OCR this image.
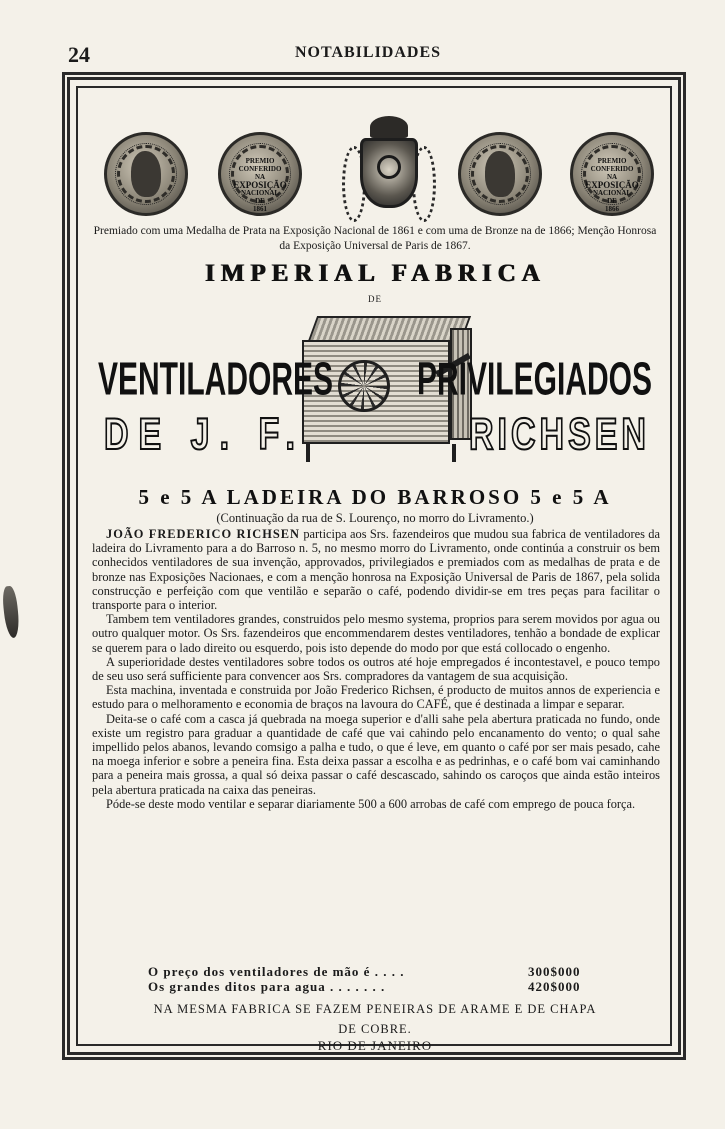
24	NOTABILIDADES
PREMIO
CONFERIDO
NA

EXPOSIÇÃO
NACIONAL
DE
1861
PREMIO
CONFERIDO
NA

EXPOSIÇÃO
NACIONAL
DE
1866
Premiado com uma Medalha de Prata na Exposição Nacional de 1861 e com uma de Bronze na de 1866; Menção Honrosa da Exposição Universal de Paris de 1867.
IMPERIAL FABRICA
DE
VENTILADORES	PRIVILEGIADOS
DE J. F.	RICHSEN
5 e 5 A LADEIRA DO BARROSO 5 e 5 A
(Continuação da rua de S. Lourenço, no morro do Livramento.)

JOÃO FREDERICO RICHSEN participa aos Srs. fazendeiros que mudou sua fabrica de ventiladores da ladeira do Livramento para a do Barroso n. 5, no mesmo morro do Livramento, onde continúa a construir os bem conhecidos ventiladores de sua invenção, approvados, privilegiados e premiados com as medalhas de prata e de bronze nas Exposições Nacionaes, e com a menção honrosa na Exposição Universal de Paris de 1867, pela solida construcção e perfeição com que ventilão e separão o café, podendo dividir-se em tres peças para facilitar o transporte para o interior.

Tambem tem ventiladores grandes, construidos pelo mesmo systema, proprios para serem movidos por agua ou outro qualquer motor. Os Srs. fazendeiros que encommendarem destes ventiladores, tenhão a bondade de explicar se querem para o lado direito ou esquerdo, pois isto depende do modo por que está collocado o engenho.

A superioridade destes ventiladores sobre todos os outros até hoje empregados é incontestavel, e pouco tempo de seu uso será sufficiente para convencer aos Srs. compradores da vantagem de sua acquisição.

Esta machina, inventada e construida por João Frederico Richsen, é producto de muitos annos de experiencia e estudo para o melhoramento e economia de braços na lavoura do CAFÉ, que é destinada a limpar e separar.

Deita-se o café com a casca já quebrada na moega superior e d'alli sahe pela abertura praticada no fundo, onde existe um registro para graduar a quantidade de café que vai cahindo pelo encanamento do vento; o qual sahe impellido pelos abanos, levando comsigo a palha e tudo, o que é leve, em quanto o café por ser mais pesado, cahe na moega inferior e sobre a peneira fina. Esta deixa passar a escolha e as pedrinhas, e o café bom vai caminhando para a peneira mais grossa, a qual só deixa passar o café descascado, sahindo os caroços que ainda estão inteiros pela abertura praticada na caixa das peneiras.

Póde-se deste modo ventilar e separar diariamente 500 a 600 arrobas de café com emprego de pouca força.

O preço dos ventiladores de mão é . . . .	300$000
Os grandes ditos para agua . . . . . . .	420$000
NA MESMA FABRICA SE FAZEM PENEIRAS DE ARAME E DE CHAPA
DE COBRE.
RIO DE JANEIRO
